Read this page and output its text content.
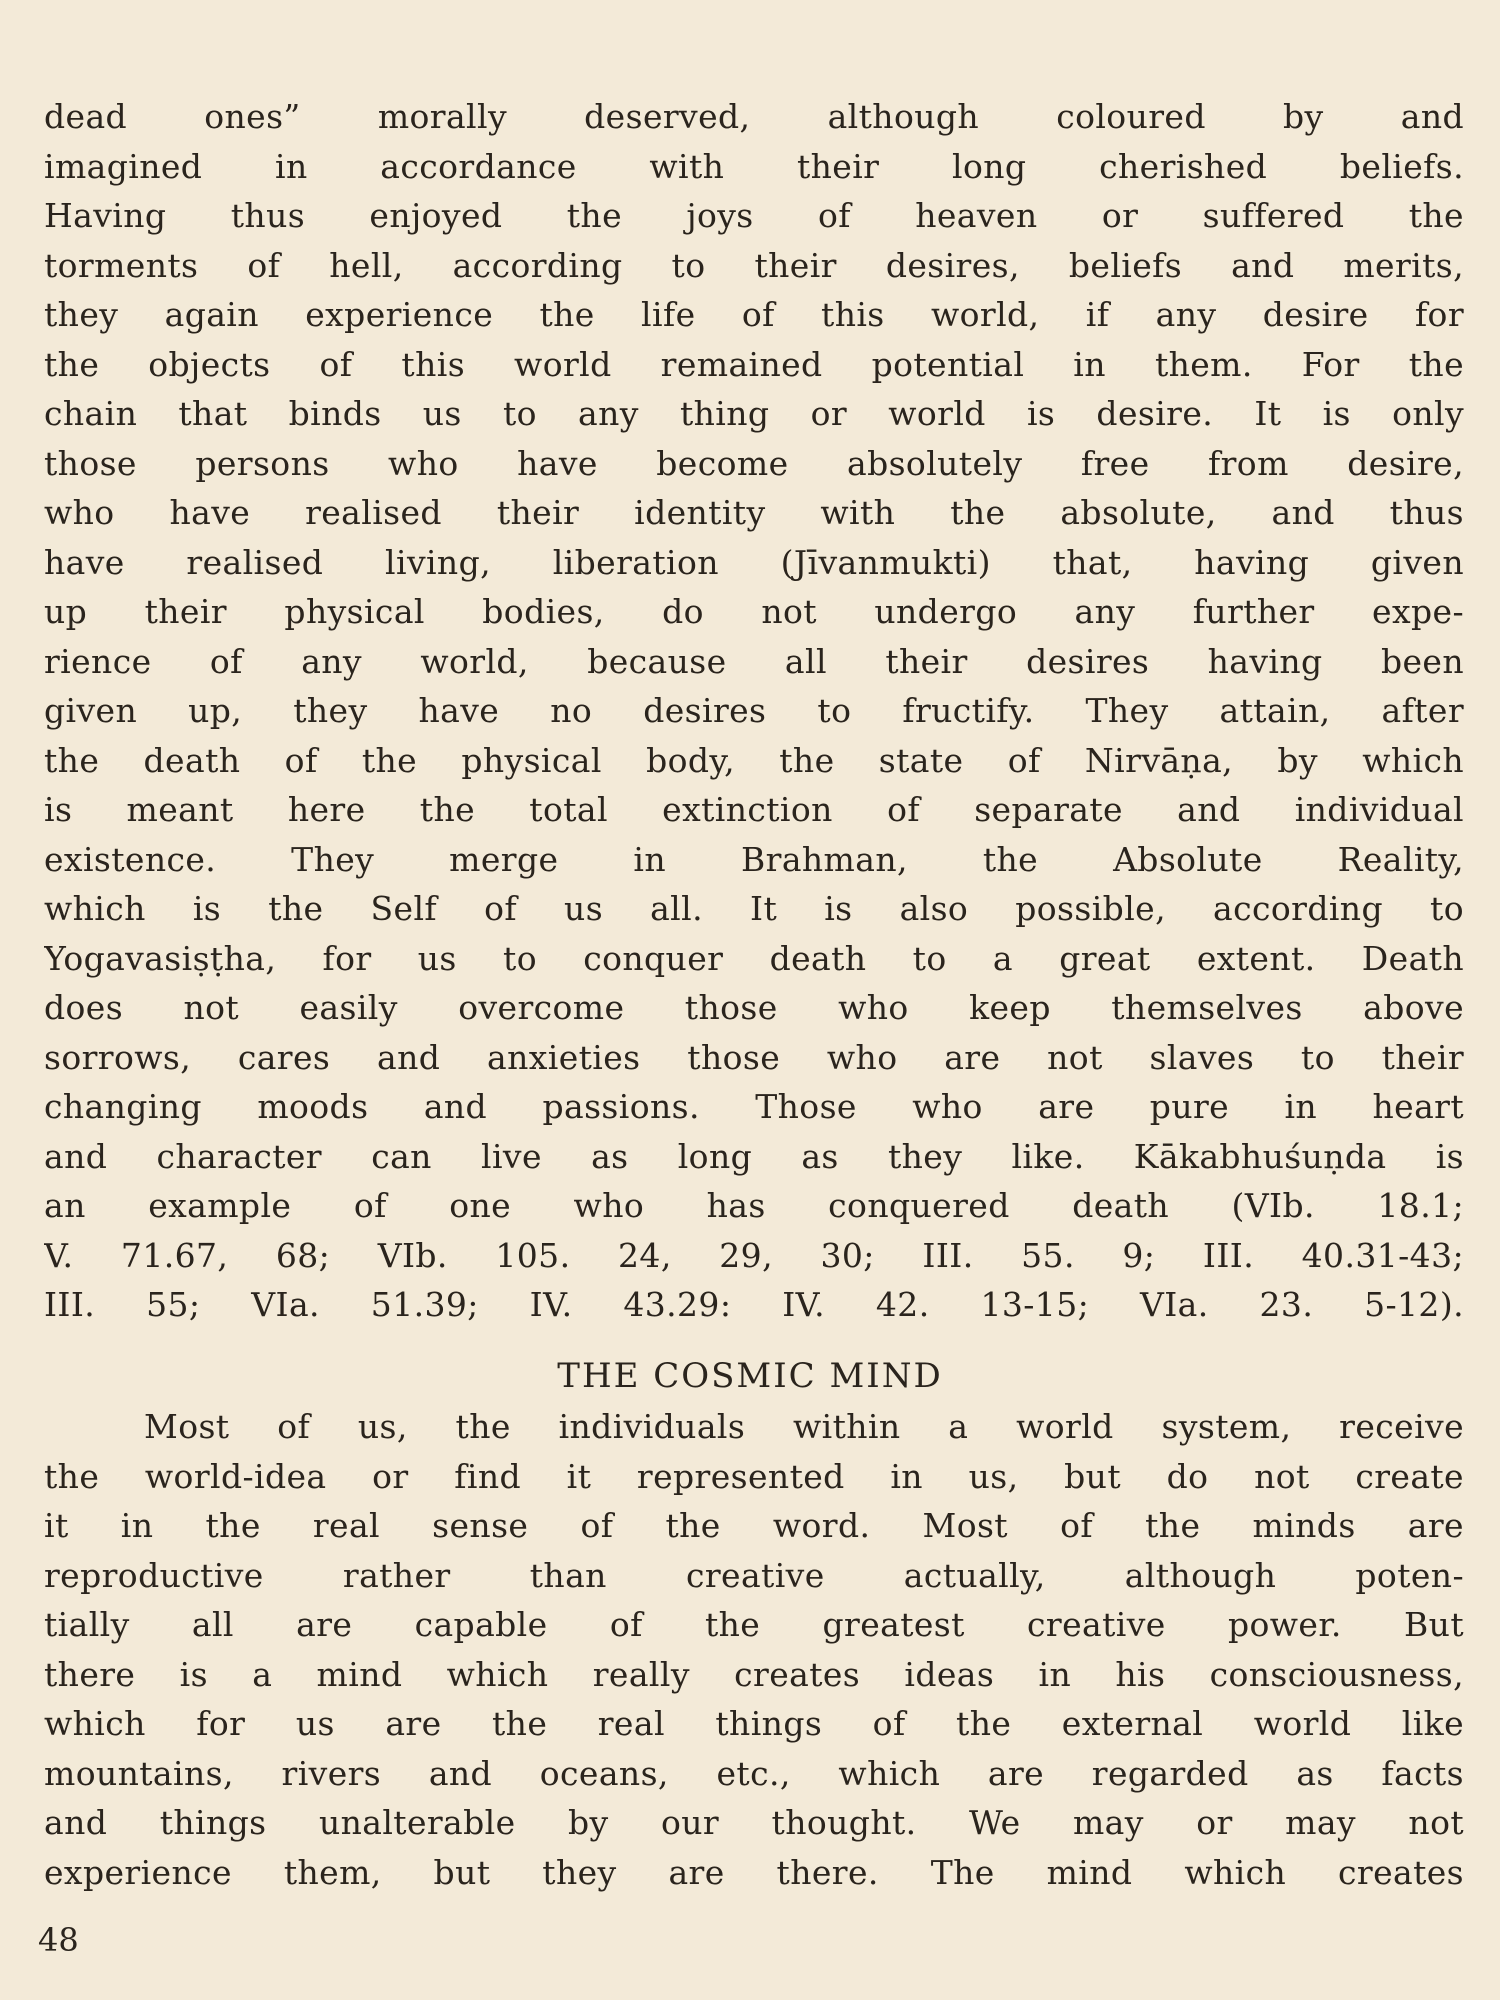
dead ones” morally deserved, although coloured by and
imagined in accordance with their long cherished beliefs.
Having thus enjoyed the joys of heaven or suffered the
torments of hell, according to their desires, beliefs and merits,
they again experience the life of this world, if any desire for
the objects of this world remained potential in them. For the
chain that binds us to any thing or world is desire. It is only
those persons who have become absolutely free from desire,
who have realised their identity with the absolute, and thus
have realised living, liberation (Jīvanmukti) that, having given
up their physical bodies, do not undergo any further expe-
rience of any world, because all their desires having been
given up, they have no desires to fructify. They attain, after
the death of the physical body, the state of Nirvāṇa, by which
is meant here the total extinction of separate and individual
existence. They merge in Brahman, the Absolute Reality,
which is the Self of us all. It is also possible, according to
Yogavasiṣṭha, for us to conquer death to a great extent. Death
does not easily overcome those who keep themselves above
sorrows, cares and anxieties those who are not slaves to their
changing moods and passions. Those who are pure in heart
and character can live as long as they like. Kākabhuśuṇda is
an example of one who has conquered death (VIb. 18.1;
V. 71.67, 68; VIb. 105. 24, 29, 30; III. 55. 9; III. 40.31-43;
III. 55; VIa. 51.39; IV. 43.29: IV. 42. 13-15; VIa. 23. 5-12).
THE COSMIC MIND
Most of us, the individuals within a world system, receive
the world-idea or find it represented in us, but do not create
it in the real sense of the word. Most of the minds are
reproductive rather than creative actually, although poten-
tially all are capable of the greatest creative power. But
there is a mind which really creates ideas in his consciousness,
which for us are the real things of the external world like
mountains, rivers and oceans, etc., which are regarded as facts
and things unalterable by our thought. We may or may not
experience them, but they are there. The mind which creates
48
